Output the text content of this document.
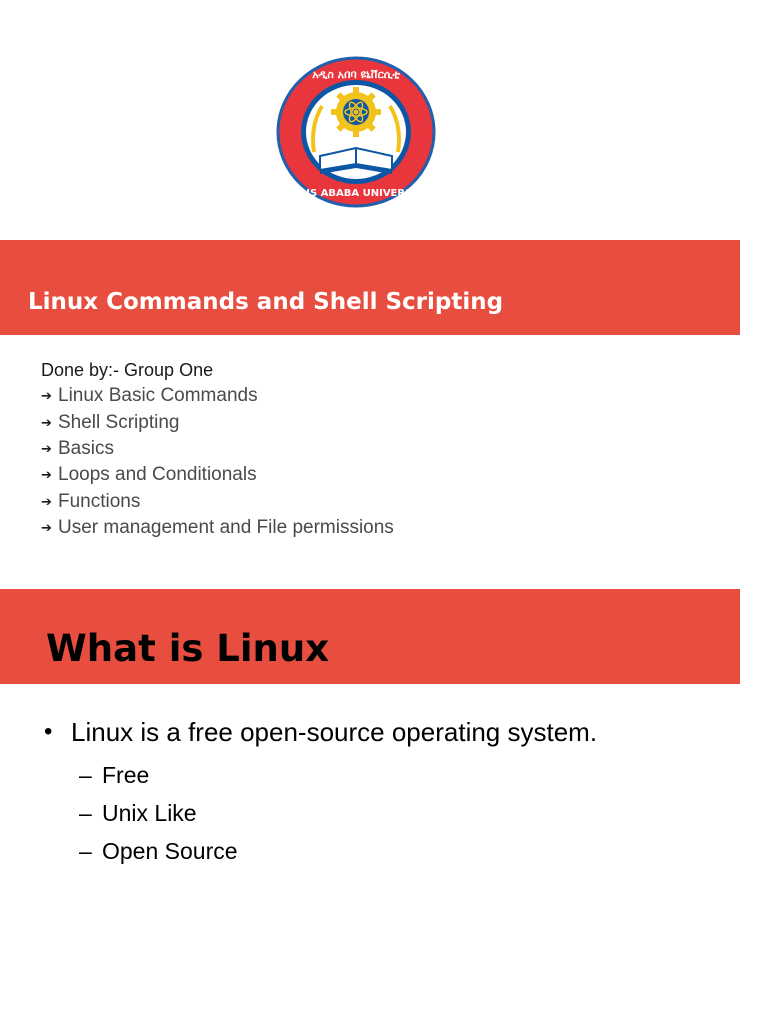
አዲስ አበባ ዩኒቨርሲቲ
ADDIS ABABA UNIVERSITY
Linux Commands and Shell Scripting
Done by:- Group One
➔ Linux Basic Commands
➔ Shell Scripting
➔ Basics
➔ Loops and Conditionals
➔ Functions
➔ User management and File permissions
What is Linux
• Linux is a free open-source operating system.
– Free
– Unix Like
– Open Source
